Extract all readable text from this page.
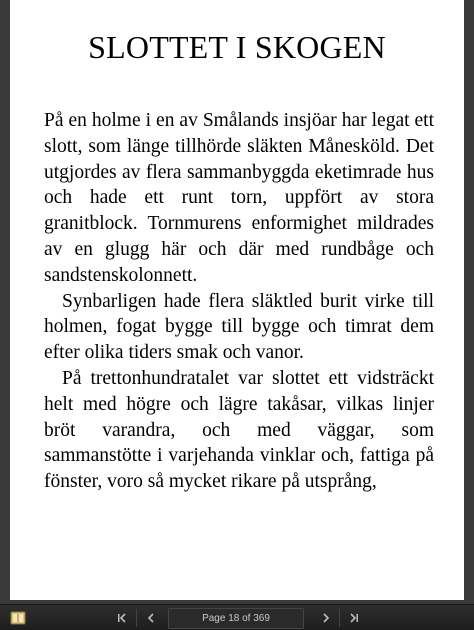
SLOTTET I SKOGEN

På en holme i en av Smålands insjöar har legat ett slott, som länge tillhörde släkten Månesköld. Det utgjordes av flera sammanbyggda eketimrade hus och hade ett runt torn, uppfört av stora granitblock. Tornmurens enformighet mildrades av en glugg här och där med rundbåge och sandstenskolonnett.

Synbarligen hade flera släktled burit virke till holmen, fogat bygge till bygge och timrat dem efter olika tiders smak och vanor.

På trettonhundratalet var slottet ett vidsträckt helt med högre och lägre takåsar, vilkas linjer bröt varandra, och med väggar, som sammanstötte i varjehanda vinklar och, fattiga på fönster, voro så mycket rikare på utsprång,

Page 18 of 369
